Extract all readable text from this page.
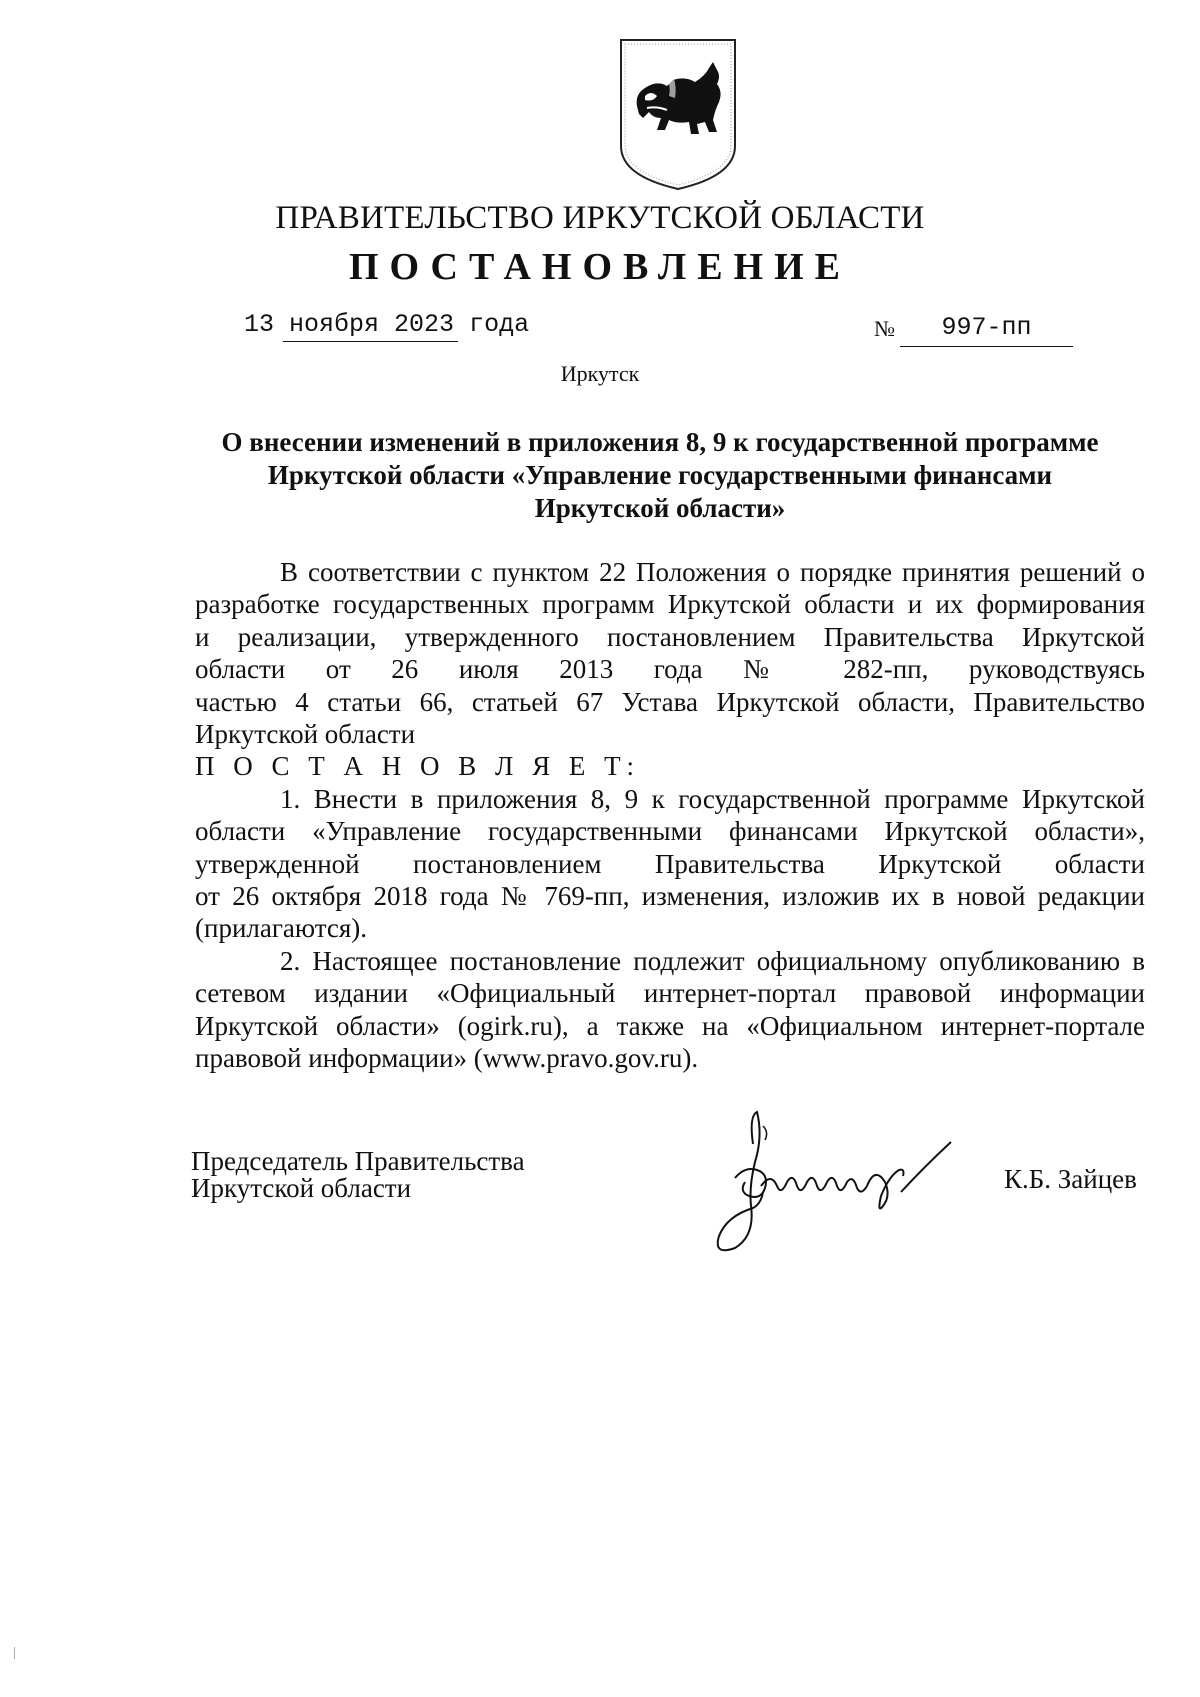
ПРАВИТЕЛЬСТВО ИРКУТСКОЙ ОБЛАСТИ
ПОСТАНОВЛЕНИЕ
13 ноября 2023 года	№	997-пп
Иркутск
О внесении изменений в приложения 8, 9 к государственной программе
Иркутской области «Управление государственными финансами
Иркутской области»

В соответствии с пунктом 22 Положения о порядке принятия решений о

разработке государственных программ Иркутской области и их формирования

и реализации, утвержденного постановлением Правительства Иркутской

области от 26 июля 2013 года № 282-пп, руководствуясь

частью 4 статьи 66, статьей 67 Устава Иркутской области, Правительство

Иркутской области

П О С Т А Н О В Л Я Е Т:

1. Внести в приложения 8, 9 к государственной программе Иркутской

области «Управление государственными финансами Иркутской области»,

утвержденной постановлением Правительства Иркутской области

от 26 октября 2018 года № 769-пп, изменения, изложив их в новой редакции

(прилагаются).

2. Настоящее постановление подлежит официальному опубликованию в

сетевом издании «Официальный интернет-портал правовой информации

Иркутской области» (ogirk.ru), а также на «Официальном интернет-портале

правовой информации» (www.pravo.gov.ru).

Председатель Правительства
Иркутской области	К.Б. Зайцев
